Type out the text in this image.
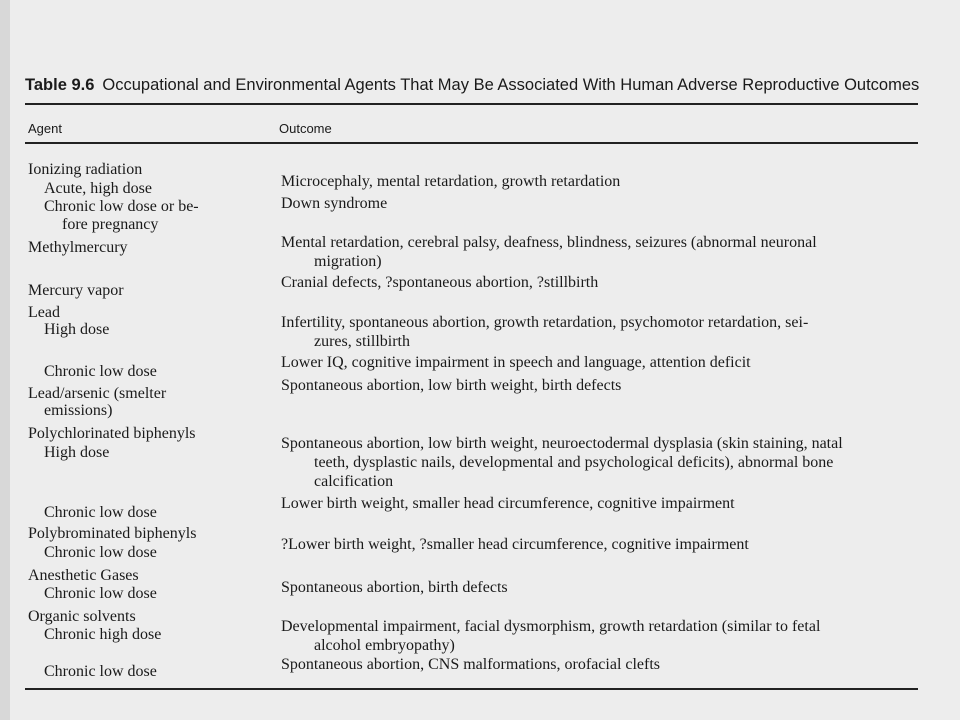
Table 9.6 Occupational and Environmental Agents That May Be Associated With Human Adverse Reproductive Outcomes
Agent	Outcome
Ionizing radiation
Acute, high dose
Chronic low dose or be-
fore pregnancy
Methylmercury
Mercury vapor
Lead
High dose
Chronic low dose
Lead/arsenic (smelter
emissions)
Polychlorinated biphenyls
High dose
Chronic low dose
Polybrominated biphenyls
Chronic low dose
Anesthetic Gases
Chronic low dose
Organic solvents
Chronic high dose
Chronic low dose
Microcephaly, mental retardation, growth retardation
Down syndrome
Mental retardation, cerebral palsy, deafness, blindness, seizures (abnormal neuronal
migration)
Cranial defects, ?spontaneous abortion, ?stillbirth
Infertility, spontaneous abortion, growth retardation, psychomotor retardation, sei-
zures, stillbirth
Lower IQ, cognitive impairment in speech and language, attention deficit
Spontaneous abortion, low birth weight, birth defects
Spontaneous abortion, low birth weight, neuroectodermal dysplasia (skin staining, natal
teeth, dysplastic nails, developmental and psychological deficits), abnormal bone
calcification
Lower birth weight, smaller head circumference, cognitive impairment
?Lower birth weight, ?smaller head circumference, cognitive impairment
Spontaneous abortion, birth defects
Developmental impairment, facial dysmorphism, growth retardation (similar to fetal
alcohol embryopathy)
Spontaneous abortion, CNS malformations, orofacial clefts
